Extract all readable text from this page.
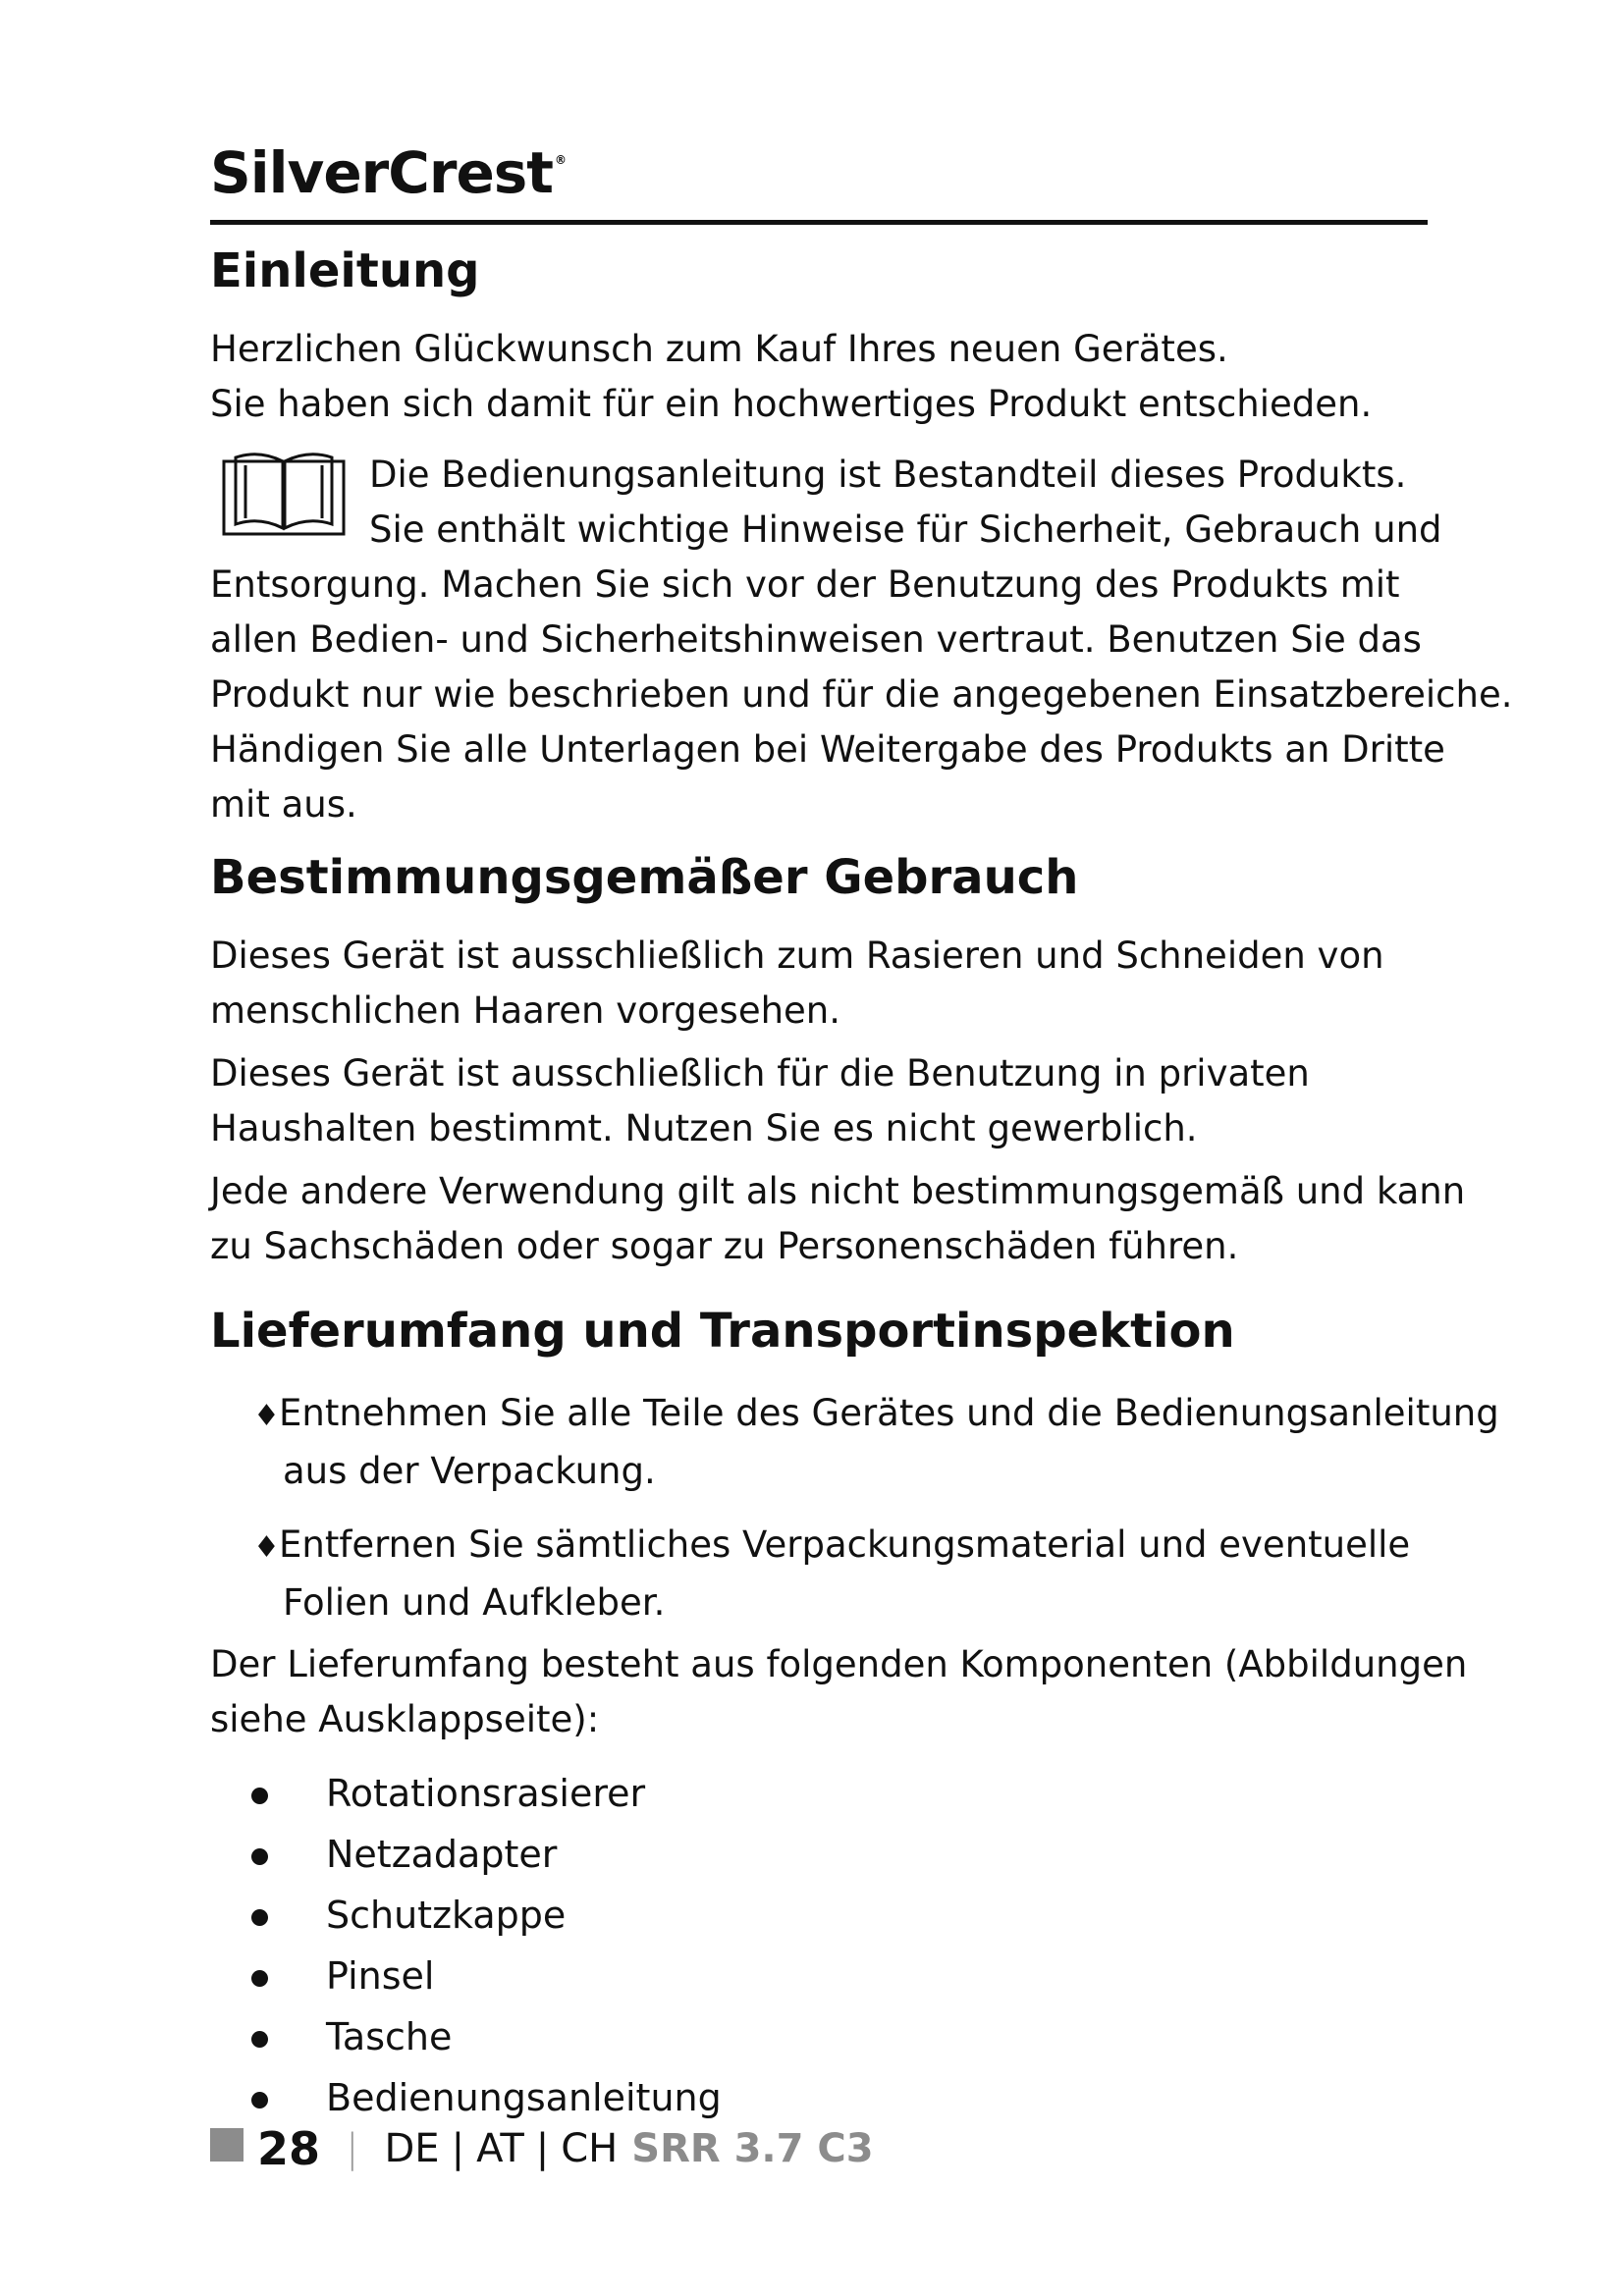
SilverCrest ®
Einleitung
Herzlichen Glückwunsch zum Kauf Ihres neuen Gerätes.
Sie haben sich damit für ein hochwertiges Produkt entschieden.
Die Bedienungsanleitung ist Bestandteil dieses Produkts.
Sie enthält wichtige Hinweise für Sicherheit, Gebrauch und
Entsorgung. Machen Sie sich vor der Benutzung des Produkts mit
allen Bedien- und Sicherheitshinweisen vertraut. Benutzen Sie das
Produkt nur wie beschrieben und für die angegebenen Einsatzbereiche.
Händigen Sie alle Unterlagen bei Weitergabe des Produkts an Dritte
mit aus.
Bestimmungsgemäßer Gebrauch
Dieses Gerät ist ausschließlich zum Rasieren und Schneiden von
menschlichen Haaren vorgesehen.
Dieses Gerät ist ausschließlich für die Benutzung in privaten
Haushalten bestimmt. Nutzen Sie es nicht gewerblich.
Jede andere Verwendung gilt als nicht bestimmungsgemäß und kann
zu Sachschäden oder sogar zu Personenschäden führen.
Lieferumfang und Transportinspektion
♦Entnehmen Sie alle Teile des Gerätes und die Bedienungsanleitung
aus der Verpackung.
♦Entfernen Sie sämtliches Verpackungsmaterial und eventuelle
Folien und Aufkleber.
Der Lieferumfang besteht aus folgenden Komponenten (Abbildungen
siehe Ausklappseite):
Rotationsrasierer
Netzadapter
Schutzkappe
Pinsel
Tasche
Bedienungsanleitung
28 | DE | AT | CH SRR 3.7 C3
